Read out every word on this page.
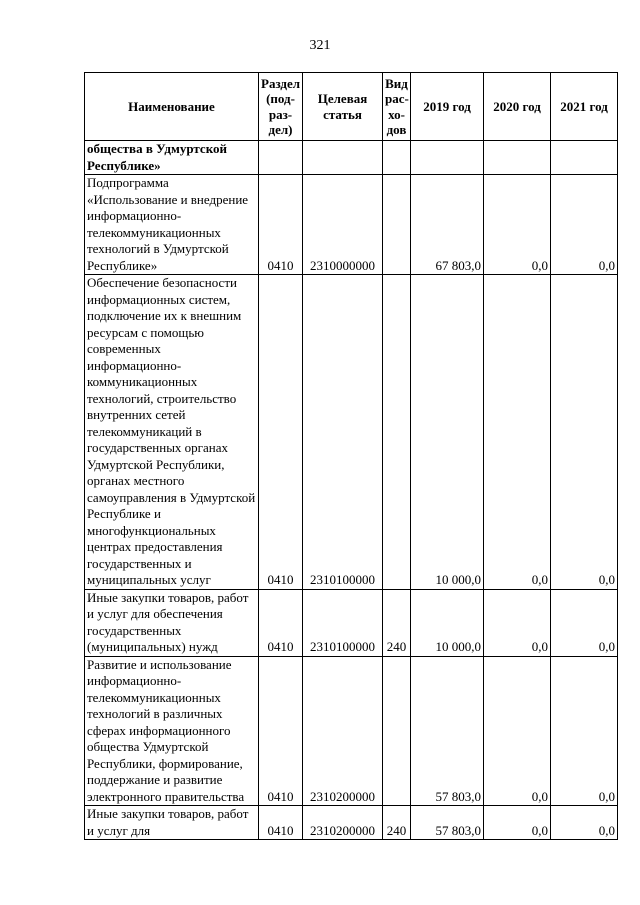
321
Наименование	Раздел (под-раз-дел)	Целевая статья	Вид рас-хо-дов	2019 год	2020 год	2021 год
общества в Удмуртской Республике»						
Подпрограмма «Использование и внедрение информационно-телекоммуникационных технологий в Удмуртской Республике»	0410	2310000000		67 803,0	0,0	0,0
Обеспечение безопасности информационных систем, подключение их к внешним ресурсам с помощью современных информационно-коммуникационных технологий, строительство внутренних сетей телекоммуникаций в государственных органах Удмуртской Республики, органах местного самоуправления в Удмуртской Республике и многофункциональных центрах предоставления государственных и муниципальных услуг	0410	2310100000		10 000,0	0,0	0,0
Иные закупки товаров, работ и услуг для обеспечения государственных (муниципальных) нужд	0410	2310100000	240	10 000,0	0,0	0,0
Развитие и использование информационно-телекоммуникационных технологий в различных сферах информационного общества Удмуртской Республики, формирование, поддержание и развитие электронного правительства	0410	2310200000		57 803,0	0,0	0,0
Иные закупки товаров, работ и услуг для	0410	2310200000	240	57 803,0	0,0	0,0
